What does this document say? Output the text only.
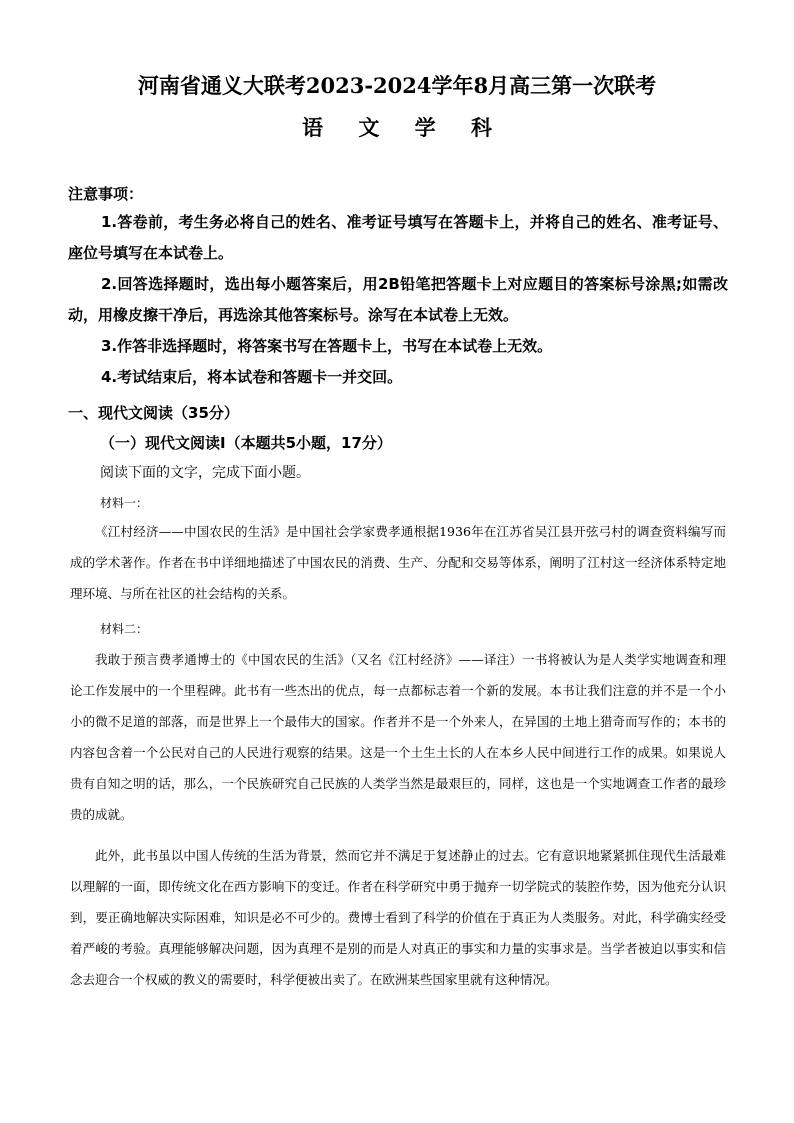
河南省通义大联考2023-2024学年8月高三第一次联考
语 文 学 科
注意事项：

1.答卷前，考生务必将自己的姓名、准考证号填写在答题卡上，并将自己的姓名、准考证号、座位号填写在本试卷上。

2.回答选择题时，选出每小题答案后，用2B铅笔把答题卡上对应题目的答案标号涂黑;如需改动，用橡皮擦干净后，再选涂其他答案标号。涂写在本试卷上无效。

3.作答非选择题时，将答案书写在答题卡上，书写在本试卷上无效。

4.考试结束后，将本试卷和答题卡一并交回。

一、现代文阅读（35分）
（一）现代文阅读Ⅰ（本题共5小题，17分）
阅读下面的文字，完成下面小题。
材料一：

《江村经济——中国农民的生活》是中国社会学家费孝通根据1936年在江苏省吴江县开弦弓村的调查资料编写而成的学术著作。作者在书中详细地描述了中国农民的消费、生产、分配和交易等体系，阐明了江村这一经济体系特定地理环境、与所在社区的社会结构的关系。

材料二：

我敢于预言费孝通博士的《中国农民的生活》（又名《江村经济》——译注）一书将被认为是人类学实地调查和理论工作发展中的一个里程碑。此书有一些杰出的优点，每一点都标志着一个新的发展。本书让我们注意的并不是一个小小的微不足道的部落，而是世界上一个最伟大的国家。作者并不是一个外来人，在异国的土地上猎奇而写作的；本书的内容包含着一个公民对自己的人民进行观察的结果。这是一个土生土长的人在本乡人民中间进行工作的成果。如果说人贵有自知之明的话，那么，一个民族研究自己民族的人类学当然是最艰巨的，同样，这也是一个实地调查工作者的最珍贵的成就。

此外，此书虽以中国人传统的生活为背景，然而它并不满足于复述静止的过去。它有意识地紧紧抓住现代生活最难以理解的一面，即传统文化在西方影响下的变迁。作者在科学研究中勇于抛弃一切学院式的装腔作势，因为他充分认识到，要正确地解决实际困难，知识是必不可少的。费博士看到了科学的价值在于真正为人类服务。对此，科学确实经受着严峻的考验。真理能够解决问题，因为真理不是别的而是人对真正的事实和力量的实事求是。当学者被迫以事实和信念去迎合一个权威的教义的需要时，科学便被出卖了。在欧洲某些国家里就有这种情况。
